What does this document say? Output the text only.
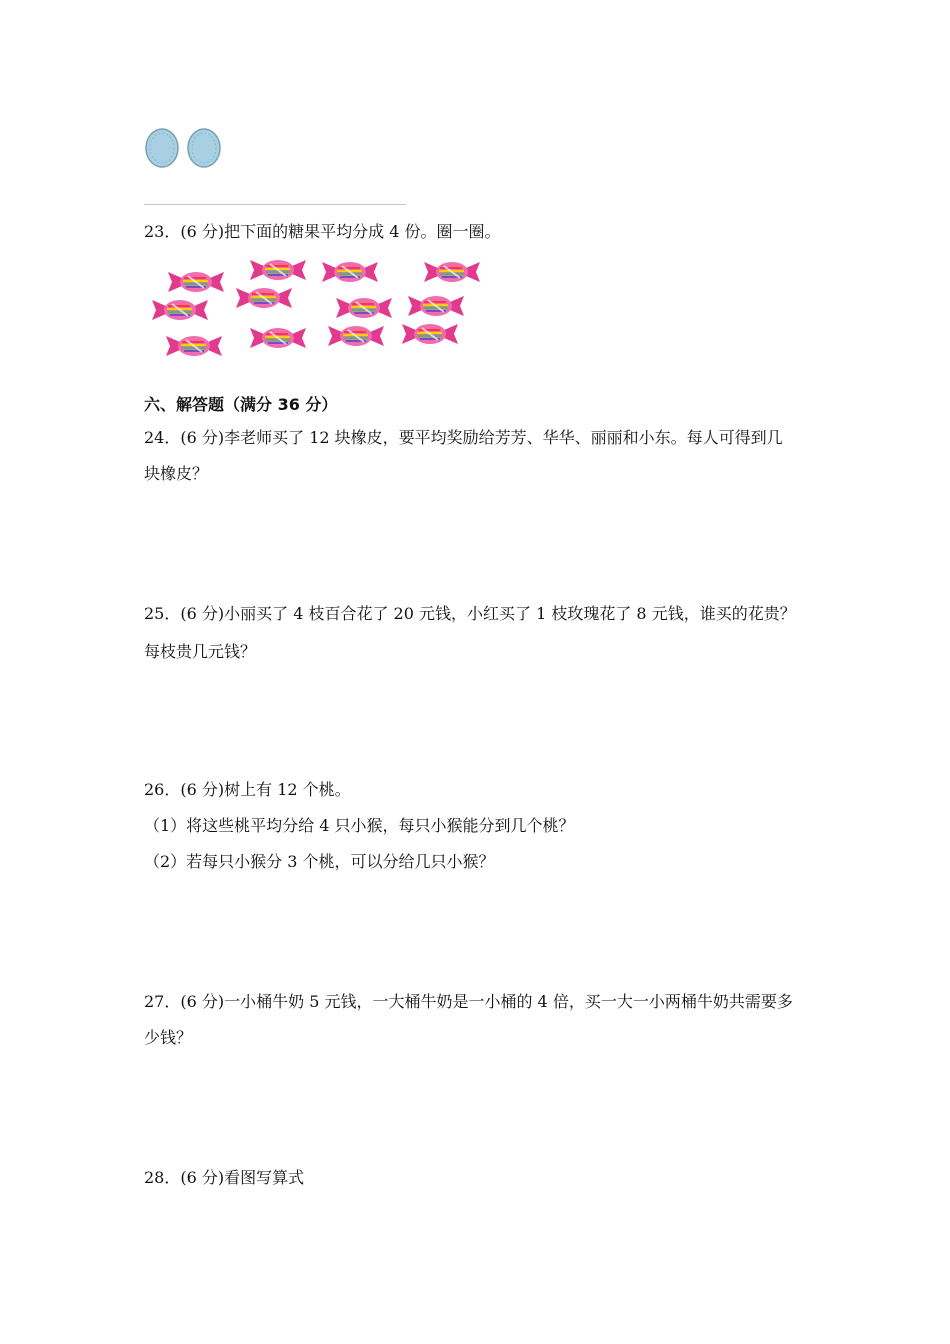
23．(6 分)把下面的糖果平均分成 4 份。圈一圈。
六、解答题（满分 36 分）
24．(6 分)李老师买了 12 块橡皮，要平均奖励给芳芳、华华、丽丽和小东。每人可得到几
块橡皮？
25．(6 分)小丽买了 4 枝百合花了 20 元钱，小红买了 1 枝玫瑰花了 8 元钱，谁买的花贵？
每枝贵几元钱？
26．(6 分)树上有 12 个桃。
（1）将这些桃平均分给 4 只小猴，每只小猴能分到几个桃？
（2）若每只小猴分 3 个桃，可以分给几只小猴？
27．(6 分)一小桶牛奶 5 元钱，一大桶牛奶是一小桶的 4 倍，买一大一小两桶牛奶共需要多
少钱？
28．(6 分)看图写算式
